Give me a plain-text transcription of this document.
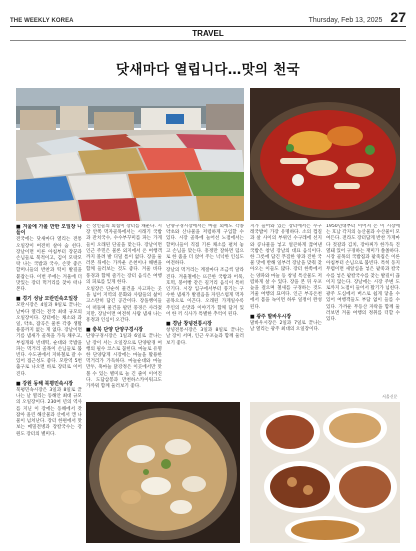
THE WEEKLY KOREA	Thursday, Feb 13, 2025 27
TRAVEL
닷새마다 열립니다…맛의 천국

■ 겨울에 가볼 만한 오일장 나들이

전국에는 닷새마다 열리는 전통 오일장이 여전히 살아 숨 쉰다. 장날이면 이른 아침부터 장꾼과 손님들로 북적이고, 김이 모락모락 나는 국밥과 국수, 손맛 좋은 할머니들의 반찬과 떡이 발길을 붙잡는다. 이번 주에는 겨울에 더 맛있는 장터 먹거리를 찾아 떠나 본다.

■ 경기 성남 모란민속오일장

모란시장은 4일과 9일로 끝나는 날마다 열리는 전국 최대 규모의 오일장이다. 장터에는 채소와 과일, 약초, 잡곡은 물론 각종 생활용품까지 없는 게 없다. 장날이면 기름 냄새가 골목을 가득 채우고, 부침개와 빈대떡, 순대와 국밥을 파는 먹거리 골목이 손님들로 붐빈다. 수도권에서 지하철로 갈 수 있어 접근성도 좋다. 모란역 5번 출구로 나오면 바로 장터로 이어진다.

■ 강원 동해 북평민속시장

북평민속시장은 3일과 8일로 끝나는 날 열리는 동해안 최대 규모의 오일장이다. 230여 년의 역사를 지닌 이 장에는 동해에서 갓 잡아 올린 해산물과 산에서 캔 나물이 넘쳐난다. 장터 한편에서 맛보는 메밀전병과 장칼국수는 강원도 장터의 별미다.

는 상인들의 외침이 장터를 채운다. 시장 안쪽 먹자골목에서는 시래기 국밥과 잔치국수, 수수부꾸미를 파는 가게들이 오래된 단골을 맞는다. 장날이면 인근 주민은 물론 외지에서 온 여행객까지 몰려 발 디딜 틈이 없다. 장을 둘러본 뒤에는 가까운 온천이나 해변을 함께 들러보는 것도 좋다. 겨울 바다 풍경과 함께 즐기는 장터 음식은 여행의 피로를 잊게 한다.

오일장은 단순히 물건을 사고파는 곳을 넘어 지역의 문화와 사람들의 삶이 고스란히 담긴 공간이다. 장돌뱅이들이 떠돌며 물건을 팔던 풍경은 사라졌지만, 장날이면 여전히 사람 냄새 나는 흥정과 인심이 오간다.

■ 충북 단양 단양구경시장

단양구경시장은 1일과 6일로 끝나는 날 장이 서는 오일장으로 단양팔경 여행의 필수 코스로 꼽힌다. 마늘로 유명한 단양답게 시장에는 마늘을 활용한 먹거리가 가득하다. 마늘순대와 마늘만두, 흑마늘 닭강정은 이곳에서만 맛볼 수 있는 별미로 늘 긴 줄이 이어진다. 도담삼봉과 만천하스카이워크도 가까워 함께 둘러보기 좋다.

단양구경시장에서는 마늘 외에도 각종 약초와 산나물을 저렴하게 구입할 수 있다. 시장 골목에 늘어선 노점에서는 할머니들이 직접 기른 채소를 펼쳐 놓고 손님을 맞는다. 흥정만 잘하면 덤으로 한 줌을 더 얹어 주는 넉넉한 인심도 여전하다.

장날의 먹거리는 계절마다 조금씩 달라진다. 겨울철에는 뜨끈한 국밥과 어묵, 호떡, 붕어빵 같은 길거리 음식이 특히 인기다. 시장 입구에서부터 풍기는 구수한 냄새가 발걸음을 자연스럽게 먹자골목으로 이끈다. 오래된 가게일수록 주인의 손맛과 이야기가 함께 담겨 있어 한 끼 식사가 특별한 추억이 된다.

■ 경남 창녕전통시장

창녕전통시장은 3일과 8일로 끝나는 날 장이 서며, 인근 우포늪과 함께 둘러보기 좋다.

지가 들어와 있는 장터에서는 수구레국밥이 가장 유명하다. 소의 껍질과 살 사이의 부위인 수구레에 선지와 콩나물을 넣고 얼큰하게 끓여낸 국밥은 창녕 장날의 대표 음식이다. 한 그릇에 담긴 푸짐한 양과 진한 국물 맛에 반해 일부러 장날을 맞춰 찾아오는 이들도 많다. 장터 한쪽에서는 양파와 마늘 등 창녕 특산물도 저렴하게 살 수 있다. 장을 본 뒤 우포늪을 걸으며 철새를 구경하는 것도 겨울 여행의 묘미다. 인근 부곡온천에서 몸을 녹이면 하루 일정이 완성된다.

■ 광주 말바우시장

말바우시장은 2일과 7일로 끝나는 날 열리는 광주 최대의 오일장이다.

1950년대부터 이어져 온 이 시장에는 호남 각지의 농산물과 수산물이 모여든다. 전라도 장터답게 반찬 가게마다 젓갈과 김치, 장아찌가 한가득 진열돼 있어 구경하는 재미가 쏠쏠하다. 시장 골목의 국밥집과 팥죽집은 이른 아침부터 손님으로 붐빈다. 특히 동지 무렵이면 새알심을 넣은 팥죽과 칼국수를 넣은 팥칼국수를 찾는 발길이 끊이지 않는다. 장날에는 시장 주변 도로까지 노점이 들어서 활기가 넘친다. 광주 도심에서 버스로 쉽게 닿을 수 있어 여행객들도 부담 없이 들를 수 있다. 가까운 무등산 자락을 함께 둘러보면 겨울 여행의 정취를 더할 수 있다.

서울신문
